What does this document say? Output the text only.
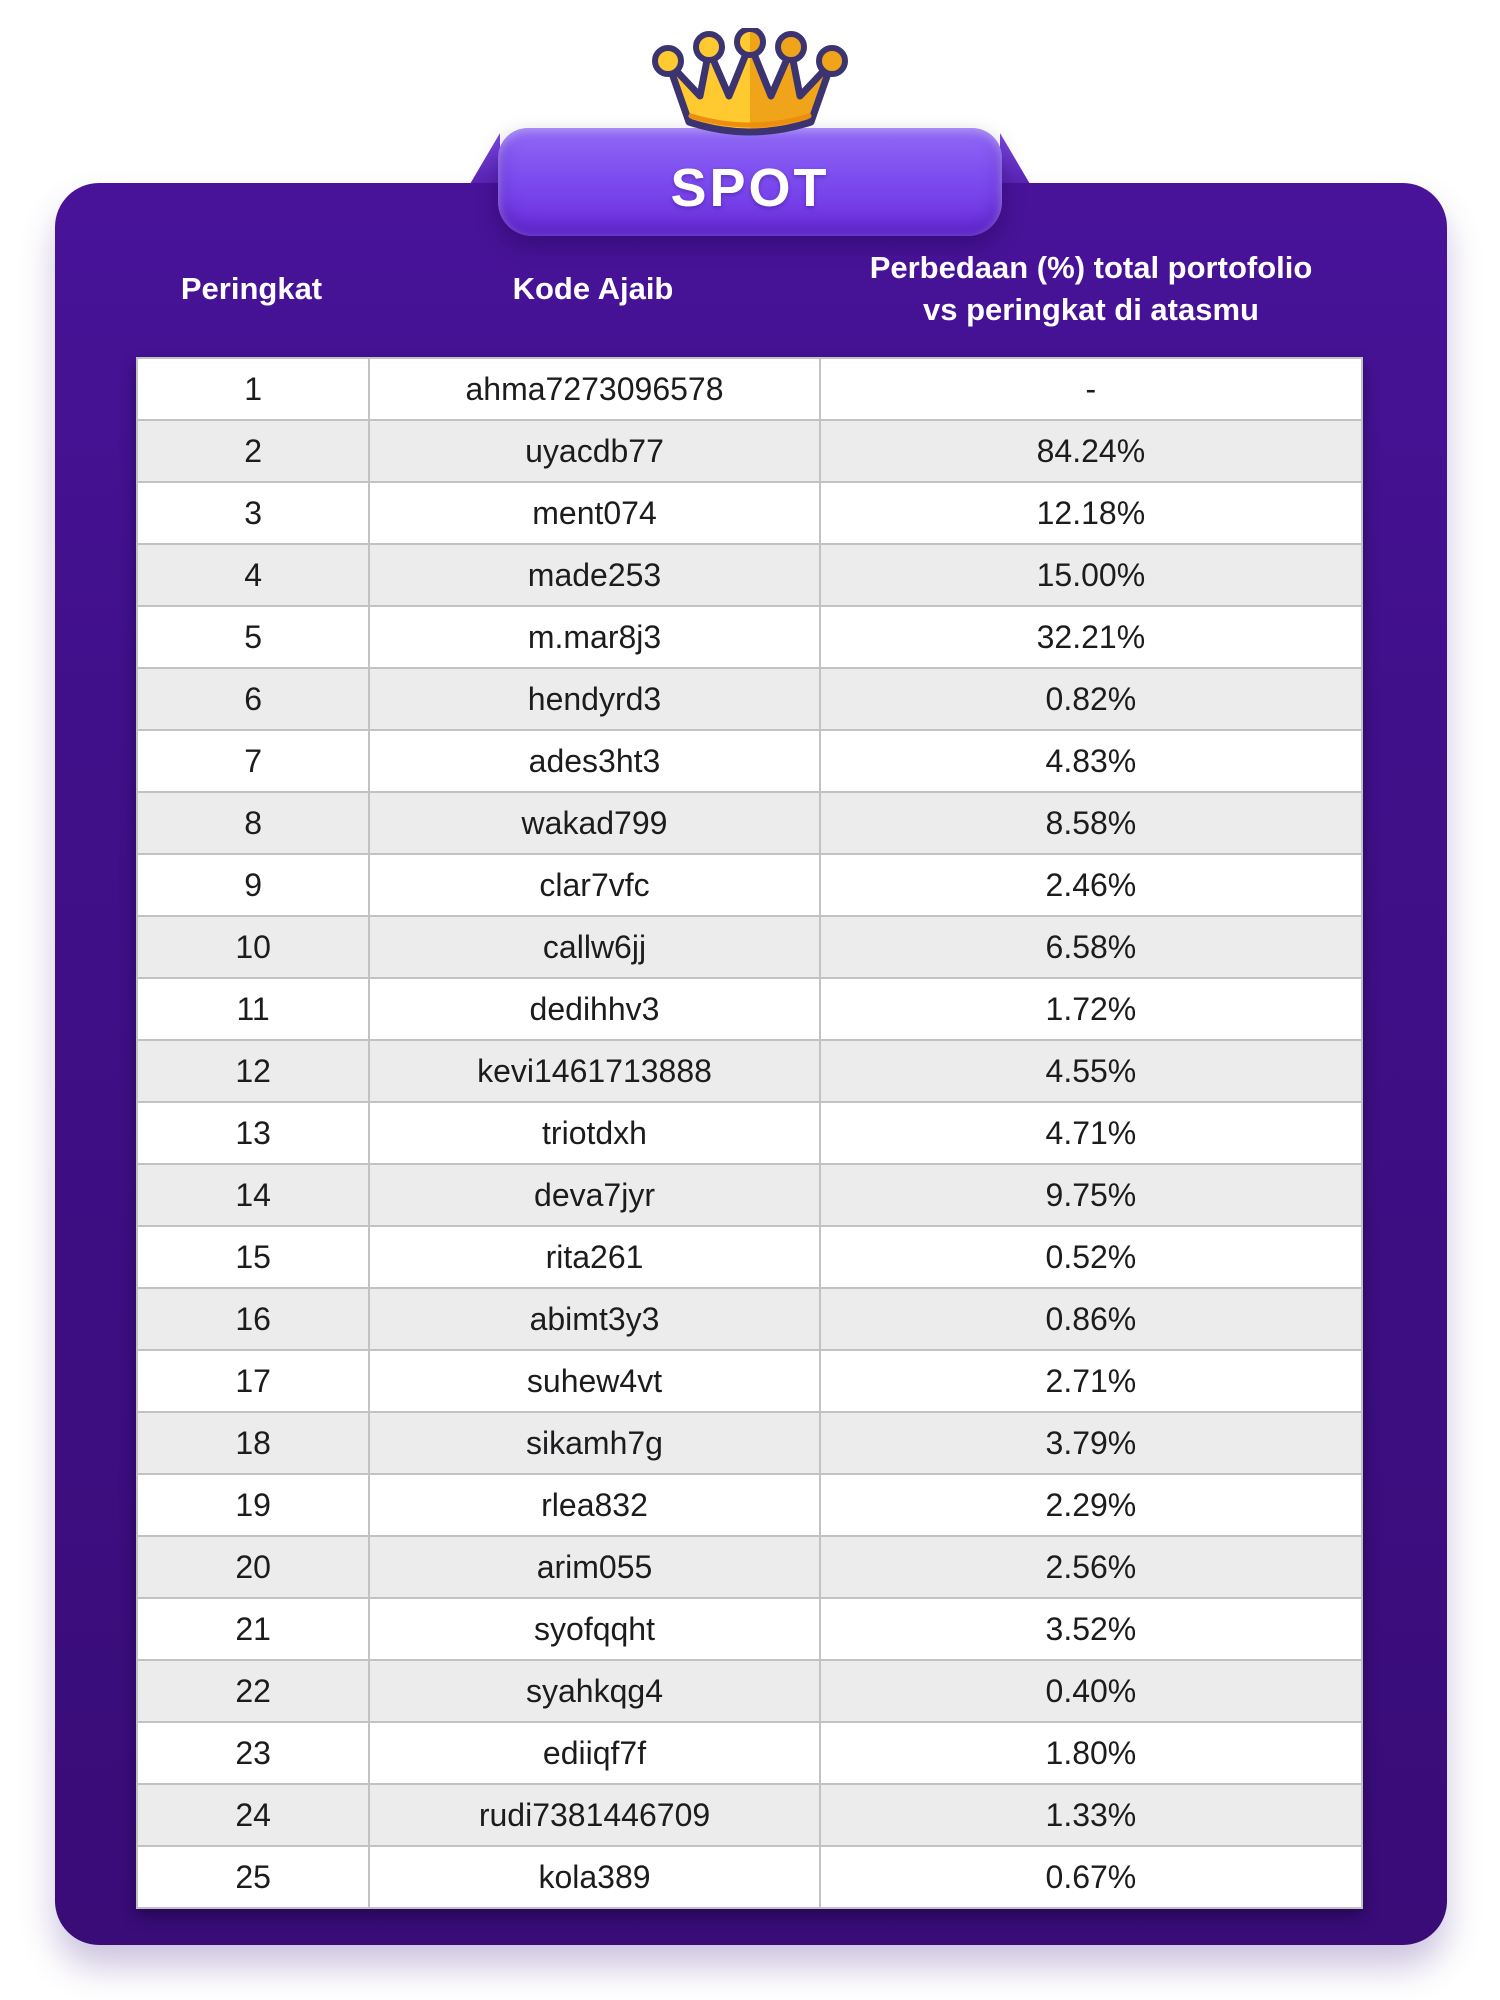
SPOT
Peringkat	Kode Ajaib
Perbedaan (%) total portofolio
vs peringkat di atasmu
1	ahma7273096578	-
2	uyacdb77	84.24%
3	ment074	12.18%
4	made253	15.00%
5	m.mar8j3	32.21%
6	hendyrd3	0.82%
7	ades3ht3	4.83%
8	wakad799	8.58%
9	clar7vfc	2.46%
10	callw6jj	6.58%
11	dedihhv3	1.72%
12	kevi1461713888	4.55%
13	triotdxh	4.71%
14	deva7jyr	9.75%
15	rita261	0.52%
16	abimt3y3	0.86%
17	suhew4vt	2.71%
18	sikamh7g	3.79%
19	rlea832	2.29%
20	arim055	2.56%
21	syofqqht	3.52%
22	syahkqg4	0.40%
23	ediiqf7f	1.80%
24	rudi7381446709	1.33%
25	kola389	0.67%
